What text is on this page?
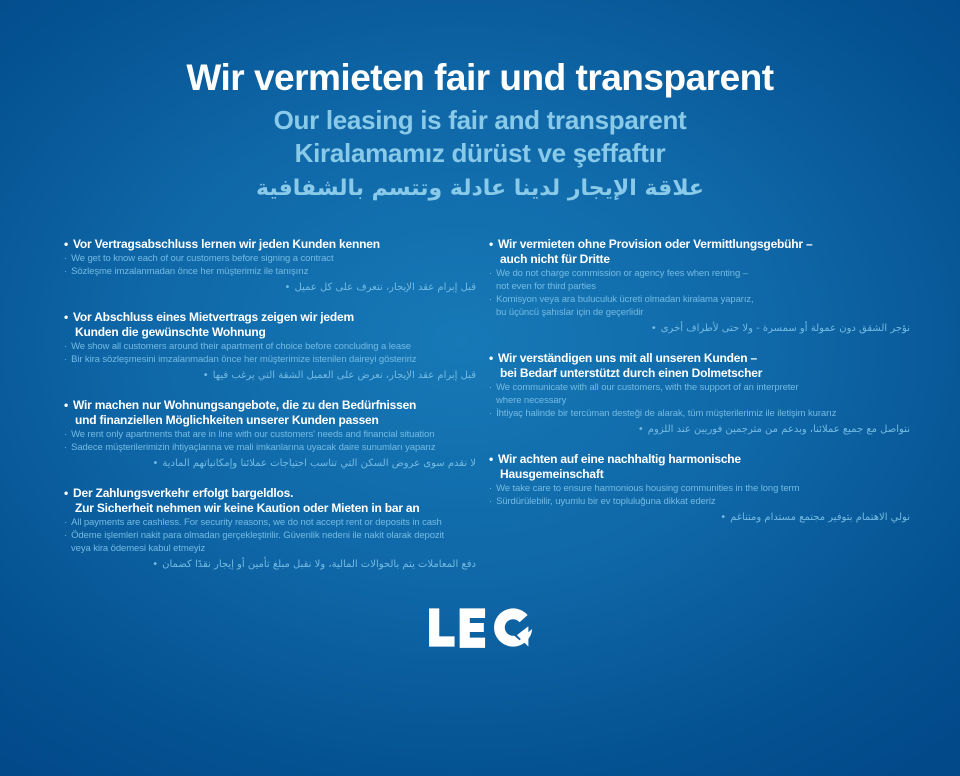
Wir vermieten fair und transparent
Our leasing is fair and transparent
Kiralamamız dürüst ve şeffaftır
علاقة الإيجار لدينا عادلة وتتسم بالشفافية
• Vor Vertragsabschluss lernen wir jeden Kunden kennen
· We get to know each of our customers before signing a contract
· Sözleşme imzalanmadan önce her müşterimiz ile tanışırız
قبل إبرام عقد الإيجار، نتعرف على كل عميل•
• Vor Abschluss eines Mietvertrags zeigen wir jedem
Kunden die gewünschte Wohnung
· We show all customers around their apartment of choice before concluding a lease
· Bir kira sözleşmesini imzalanmadan önce her müşterimize istenilen daireyi gösteririz
قبل إبرام عقد الإيجار، نعرض على العميل الشقة التي يرغب فيها•
• Wir machen nur Wohnungsangebote, die zu den Bedürfnissen
und finanziellen Möglichkeiten unserer Kunden passen
· We rent only apartments that are in line with our customers' needs and financial situation
· Sadece müşterilerimizin ihtiyaçlarına ve mali imkanlarına uyacak daire sunumları yaparız
لا نقدم سوى عروض السكن التي تناسب احتياجات عملائنا وإمكانياتهم المادية•
• Der Zahlungsverkehr erfolgt bargeldlos.
Zur Sicherheit nehmen wir keine Kaution oder Mieten in bar an
· All payments are cashless. For security reasons, we do not accept rent or deposits in cash
· Ödeme işlemleri nakit para olmadan gerçekleştirilir. Güvenlik nedeni ile nakit olarak depozit
veya kira ödemesi kabul etmeyiz
دفع المعاملات يتم بالحوالات المالية، ولا نقبل مبلغ تأمين أو إيجار نقدًا كضمان•
• Wir vermieten ohne Provision oder Vermittlungsgebühr –
auch nicht für Dritte
· We do not charge commission or agency fees when renting –
not even for third parties
· Komisyon veya ara buluculuk ücreti olmadan kiralama yaparız,
bu üçüncü şahıslar için de geçerlidir
نؤجر الشقق دون عمولة أو سمسرة - ولا حتى لأطراف أخرى•
• Wir verständigen uns mit all unseren Kunden –
bei Bedarf unterstützt durch einen Dolmetscher
· We communicate with all our customers, with the support of an interpreter
where necessary
· İhtiyaç halinde bir tercüman desteği de alarak, tüm müşterilerimiz ile iletişim kurarız
نتواصل مع جميع عملائنا، وبدعم من مترجمين فوريين عند اللزوم•
• Wir achten auf eine nachhaltig harmonische
Hausgemeinschaft
· We take care to ensure harmonious housing communities in the long term
· Sürdürülebilir, uyumlu bir ev topluluğuna dikkat ederiz
نولي الاهتمام بتوفير مجتمع مستدام ومتناغم•
